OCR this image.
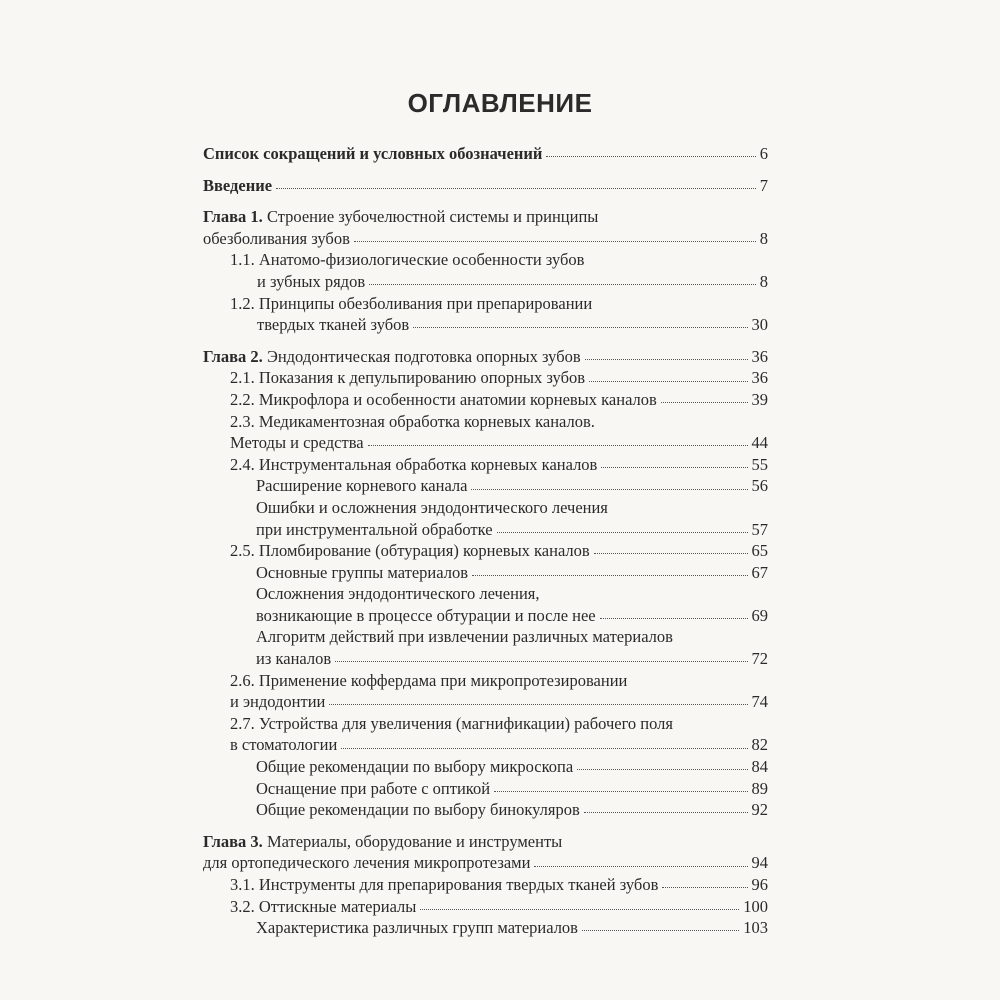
ОГЛАВЛЕНИЕ
Список сокращений и условных обозначений	6
Введение	7
Глава 1. Строение зубочелюстной системы и принципы
обезболивания зубов	8
1.1. Анатомо-физиологические особенности зубов
и зубных рядов	8
1.2. Принципы обезболивания при препарировании
твердых тканей зубов	30
Глава 2. Эндодонтическая подготовка опорных зубов	36
2.1. Показания к депульпированию опорных зубов	36
2.2. Микрофлора и особенности анатомии корневых каналов	39
2.3. Медикаментозная обработка корневых каналов.
Методы и средства	44
2.4. Инструментальная обработка корневых каналов	55
Расширение корневого канала	56
Ошибки и осложнения эндодонтического лечения
при инструментальной обработке	57
2.5. Пломбирование (обтурация) корневых каналов	65
Основные группы материалов	67
Осложнения эндодонтического лечения,
возникающие в процессе обтурации и после нее	69
Алгоритм действий при извлечении различных материалов
из каналов	72
2.6. Применение коффердама при микропротезировании
и эндодонтии	74
2.7. Устройства для увеличения (магнификации) рабочего поля
в стоматологии	82
Общие рекомендации по выбору микроскопа	84
Оснащение при работе с оптикой	89
Общие рекомендации по выбору бинокуляров	92
Глава 3. Материалы, оборудование и инструменты
для ортопедического лечения микропротезами	94
3.1. Инструменты для препарирования твердых тканей зубов	96
3.2. Оттискные материалы	100
Характеристика различных групп материалов	103
